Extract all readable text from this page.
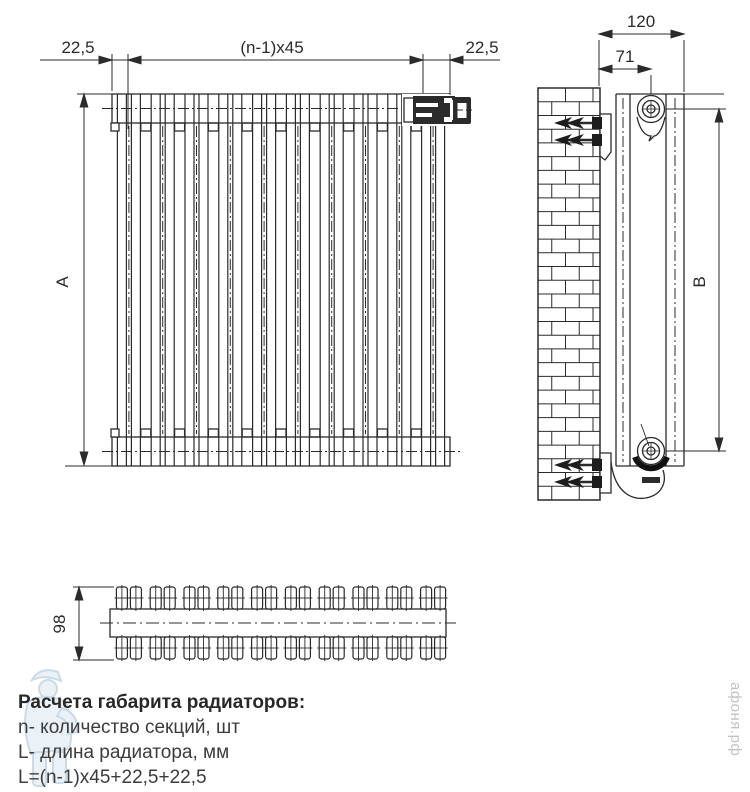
22,5	(n-1)x45	22,5
A
120
71
B
98
Расчета габарита радиаторов:
n- количество секций, шт
L- длина радиатора, мм
L=(n-1)x45+22,5+22,5
афоня.рф
